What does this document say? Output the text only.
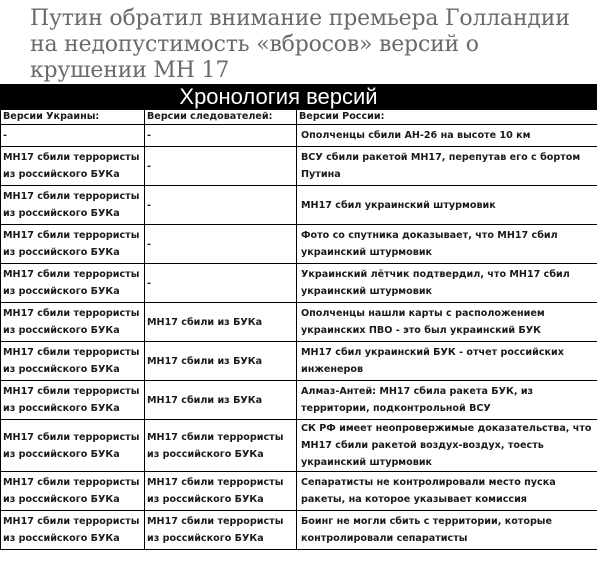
Путин обратил внимание премьера Голландии на недопустимость «вбросов» версий о крушении МН 17
Хронология версий
Версии Украины:	Версии следователей:	Версии России:
-	-	Ополченцы сбили АН-26 на высоте 10 км
МН17 сбили террористы из российского БУКа	-	ВСУ сбили ракетой МН17, перепутав его с бортом Путина
МН17 сбили террористы из российского БУКа	-	МН17 сбил украинский штурмовик
МН17 сбили террористы из российского БУКа	-	Фото со спутника доказывает, что МН17 сбил украинский штурмовик
МН17 сбили террористы из российского БУКа	-	Украинский лётчик подтвердил, что МН17 сбил украинский штурмовик
МН17 сбили террористы из российского БУКа	МН17 сбили из БУКа	Ополченцы нашли карты с расположением украинских ПВО - это был украинский БУК
МН17 сбили террористы из российского БУКа	МН17 сбили из БУКа	МН17 сбил украинский БУК - отчет российских инженеров
МН17 сбили террористы из российского БУКа	МН17 сбили из БУКа	Алмаз-Антей: МН17 сбила ракета БУК, из территории, подконтрольной ВСУ
МН17 сбили террористы из российского БУКа	МН17 сбили террористы из российского БУКа	СК РФ имеет неопровержимые доказательства, что МН17 сбили ракетой воздух-воздух, тоесть украинский штурмовик
МН17 сбили террористы из российского БУКа	МН17 сбили террористы из российского БУКа	Сепаратисты не контролировали место пуска ракеты, на которое указывает комиссия
МН17 сбили террористы из российского БУКа	МН17 сбили террористы из российского БУКа	Боинг не могли сбить с территории, которые контролировали сепаратисты
